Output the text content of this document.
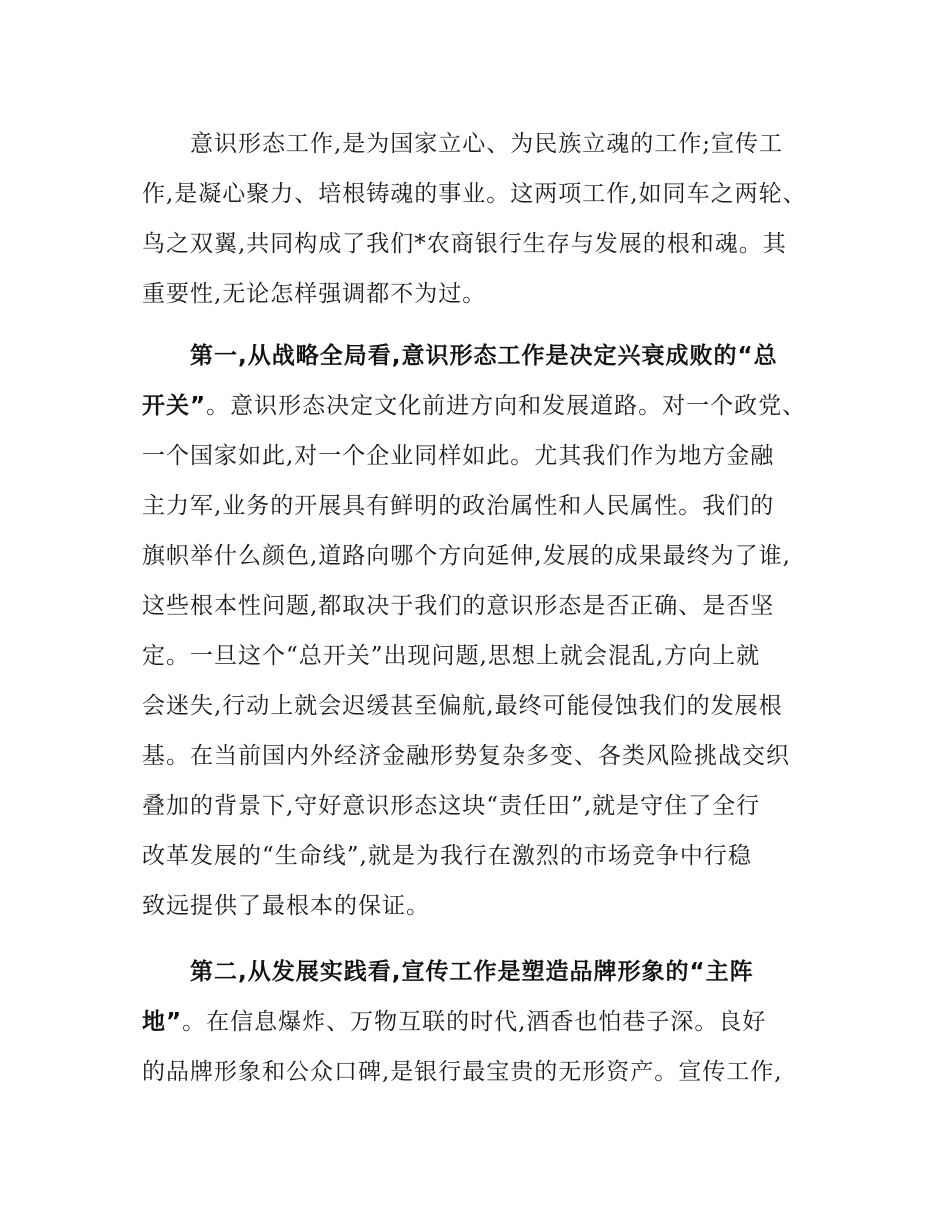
意识形态工作,是为国家立心、为民族立魂的工作;宣传工
作,是凝心聚力、培根铸魂的事业。这两项工作,如同车之两轮、
鸟之双翼,共同构成了我们*农商银行生存与发展的根和魂。其
重要性,无论怎样强调都不为过。
第一,从战略全局看,意识形态工作是决定兴衰成败的“总
开关”。意识形态决定文化前进方向和发展道路。对一个政党、
一个国家如此,对一个企业同样如此。尤其我们作为地方金融
主力军,业务的开展具有鲜明的政治属性和人民属性。我们的
旗帜举什么颜色,道路向哪个方向延伸,发展的成果最终为了谁,
这些根本性问题,都取决于我们的意识形态是否正确、是否坚
定。一旦这个“总开关”出现问题,思想上就会混乱,方向上就
会迷失,行动上就会迟缓甚至偏航,最终可能侵蚀我们的发展根
基。在当前国内外经济金融形势复杂多变、各类风险挑战交织
叠加的背景下,守好意识形态这块“责任田”,就是守住了全行
改革发展的“生命线”,就是为我行在激烈的市场竞争中行稳
致远提供了最根本的保证。
第二,从发展实践看,宣传工作是塑造品牌形象的“主阵
地”。在信息爆炸、万物互联的时代,酒香也怕巷子深。良好
的品牌形象和公众口碑,是银行最宝贵的无形资产。宣传工作,
